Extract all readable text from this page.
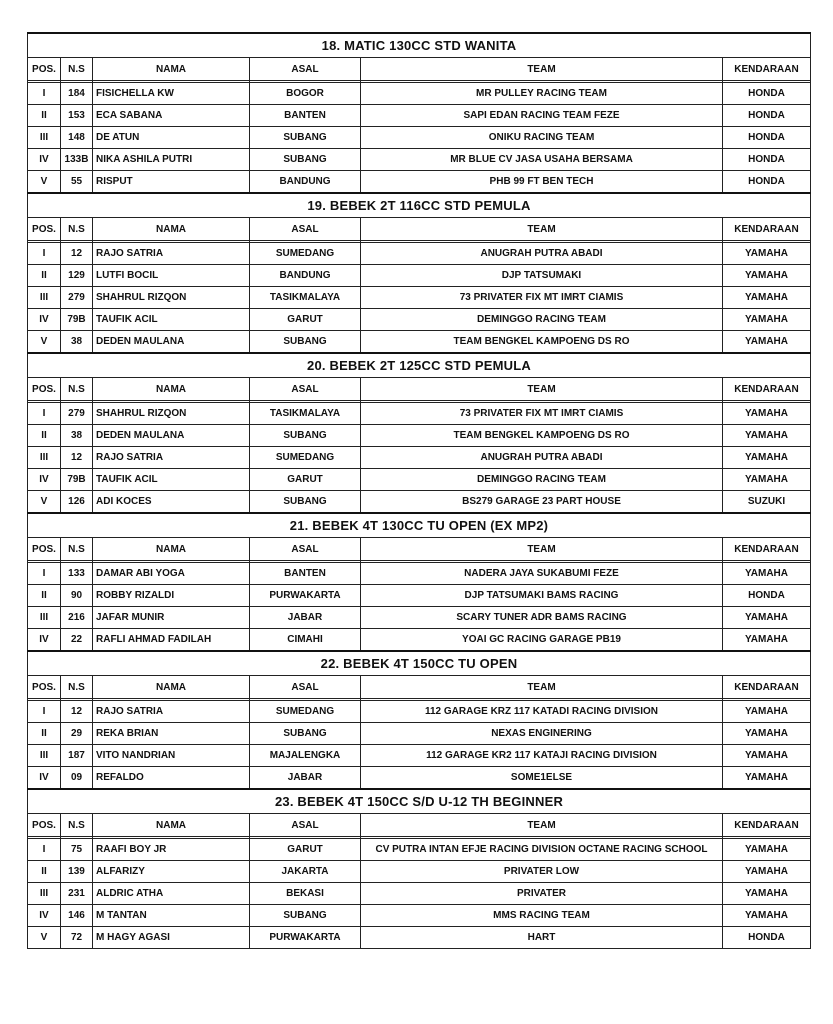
18. MATIC 130CC STD WANITA					
POS.	N.S	NAMA	ASAL	TEAM	KENDARAAN

I	184	FISICHELLA KW	BOGOR	MR PULLEY RACING TEAM	HONDA
II	153	ECA SABANA	BANTEN	SAPI EDAN RACING TEAM FEZE	HONDA
III	148	DE ATUN	SUBANG	ONIKU RACING TEAM	HONDA
IV	133B	NIKA ASHILA PUTRI	SUBANG	MR BLUE CV JASA USAHA BERSAMA	HONDA
V	55	RISPUT	BANDUNG	PHB 99 FT BEN TECH	HONDA
19. BEBEK 2T 116CC STD PEMULA					
POS.	N.S	NAMA	ASAL	TEAM	KENDARAAN

I	12	RAJO SATRIA	SUMEDANG	ANUGRAH PUTRA ABADI	YAMAHA
II	129	LUTFI BOCIL	BANDUNG	DJP TATSUMAKI	YAMAHA
III	279	SHAHRUL RIZQON	TASIKMALAYA	73 PRIVATER FIX MT IMRT CIAMIS	YAMAHA
IV	79B	TAUFIK ACIL	GARUT	DEMINGGO RACING TEAM	YAMAHA
V	38	DEDEN MAULANA	SUBANG	TEAM BENGKEL KAMPOENG DS RO	YAMAHA
20. BEBEK 2T 125CC STD PEMULA					
POS.	N.S	NAMA	ASAL	TEAM	KENDARAAN

I	279	SHAHRUL RIZQON	TASIKMALAYA	73 PRIVATER FIX MT IMRT CIAMIS	YAMAHA
II	38	DEDEN MAULANA	SUBANG	TEAM BENGKEL KAMPOENG DS RO	YAMAHA
III	12	RAJO SATRIA	SUMEDANG	ANUGRAH PUTRA ABADI	YAMAHA
IV	79B	TAUFIK ACIL	GARUT	DEMINGGO RACING TEAM	YAMAHA
V	126	ADI KOCES	SUBANG	BS279 GARAGE 23 PART HOUSE	SUZUKI
21. BEBEK 4T 130CC TU OPEN (EX MP2)					
POS.	N.S	NAMA	ASAL	TEAM	KENDARAAN

I	133	DAMAR ABI YOGA	BANTEN	NADERA JAYA SUKABUMI FEZE	YAMAHA
II	90	ROBBY RIZALDI	PURWAKARTA	DJP TATSUMAKI BAMS RACING	HONDA
III	216	JAFAR MUNIR	JABAR	SCARY TUNER ADR BAMS RACING	YAMAHA
IV	22	RAFLI AHMAD FADILAH	CIMAHI	YOAI GC RACING GARAGE PB19	YAMAHA
22. BEBEK 4T 150CC TU OPEN					
POS.	N.S	NAMA	ASAL	TEAM	KENDARAAN

I	12	RAJO SATRIA	SUMEDANG	112 GARAGE KRZ 117 KATADI RACING DIVISION	YAMAHA
II	29	REKA BRIAN	SUBANG	NEXAS ENGINERING	YAMAHA
III	187	VITO NANDRIAN	MAJALENGKA	112 GARAGE KR2 117 KATAJI RACING DIVISION	YAMAHA
IV	09	REFALDO	JABAR	SOME1ELSE	YAMAHA
23. BEBEK 4T 150CC S/D U-12 TH BEGINNER					
POS.	N.S	NAMA	ASAL	TEAM	KENDARAAN

I	75	RAAFI BOY JR	GARUT	CV PUTRA INTAN EFJE RACING DIVISION OCTANE RACING SCHOOL	YAMAHA
II	139	ALFARIZY	JAKARTA	PRIVATER LOW	YAMAHA
III	231	ALDRIC ATHA	BEKASI	PRIVATER	YAMAHA
IV	146	M TANTAN	SUBANG	MMS RACING TEAM	YAMAHA
V	72	M HAGY AGASI	PURWAKARTA	HART	HONDA
